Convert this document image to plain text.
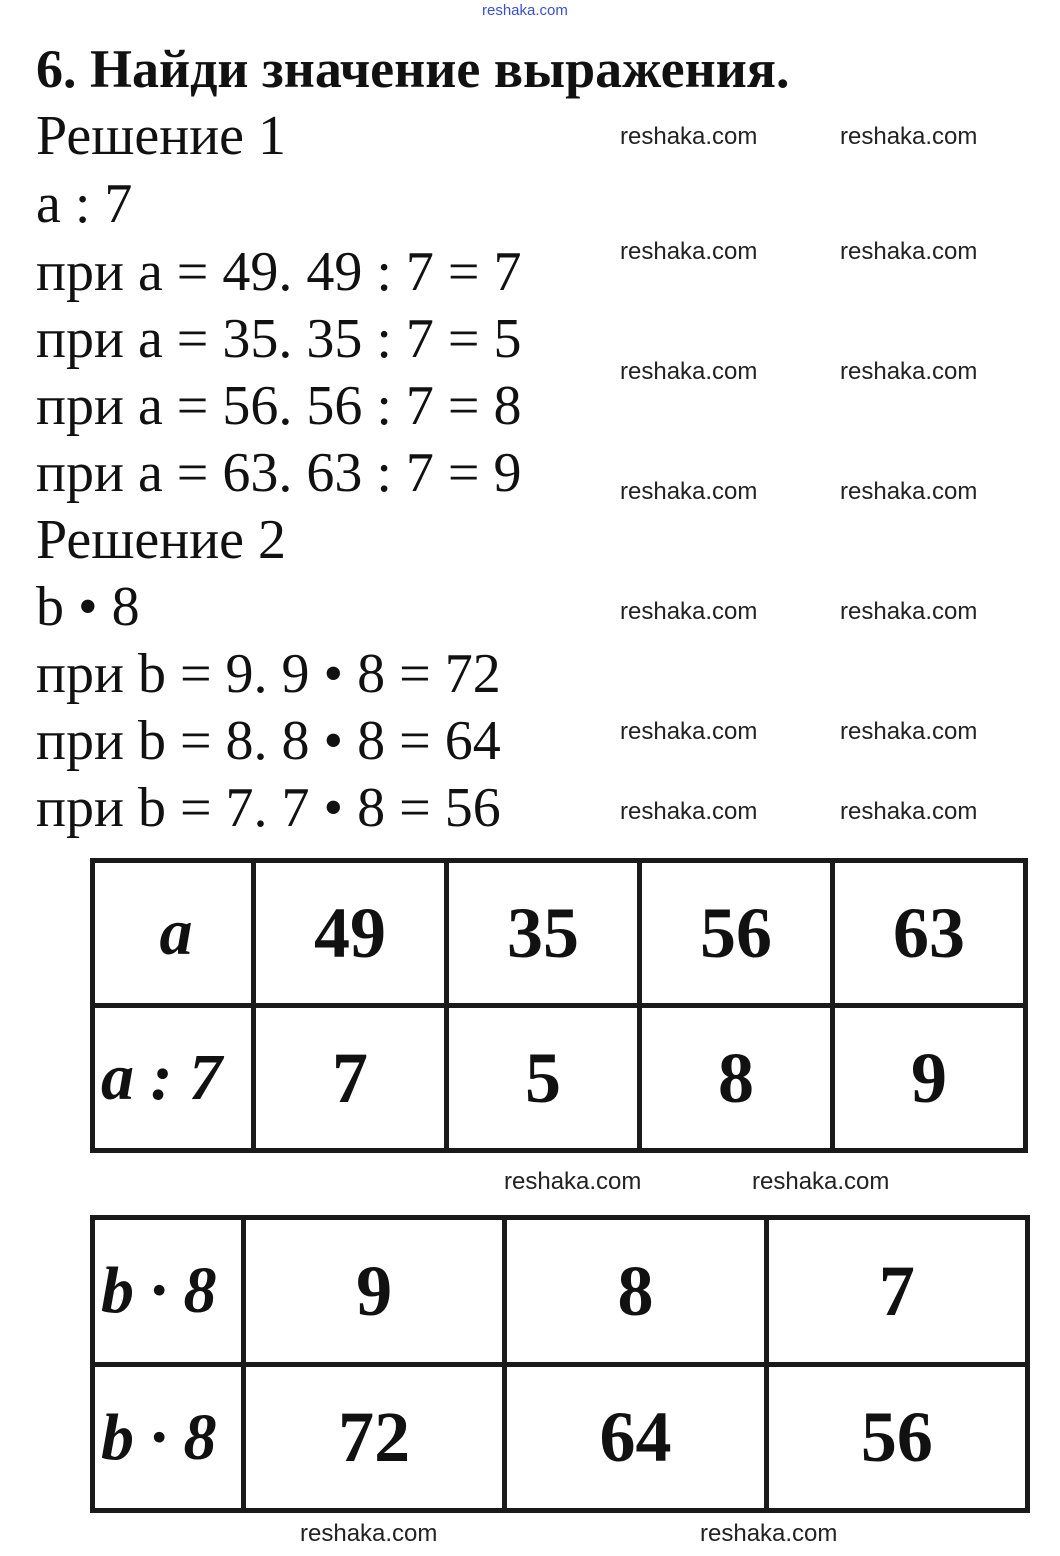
reshaka.com
6. Найди значение выражения.
Решение 1
a : 7
при a = 49. 49 : 7 = 7
при a = 35. 35 : 7 = 5
при a = 56. 56 : 7 = 8
при a = 63. 63 : 7 = 9
Решение 2
b • 8
при b = 9. 9 • 8 = 72
при b = 8. 8 • 8 = 64
при b = 7. 7 • 8 = 56
a	49	35	56	63
a : 7	7	5	8	9
b · 8	9	8	7
b · 8	72	64	56
reshaka.com	reshaka.com
reshaka.com	reshaka.com
reshaka.com	reshaka.com
reshaka.com	reshaka.com
reshaka.com	reshaka.com
reshaka.com	reshaka.com
reshaka.com	reshaka.com
reshaka.com	reshaka.com
reshaka.com	reshaka.com
